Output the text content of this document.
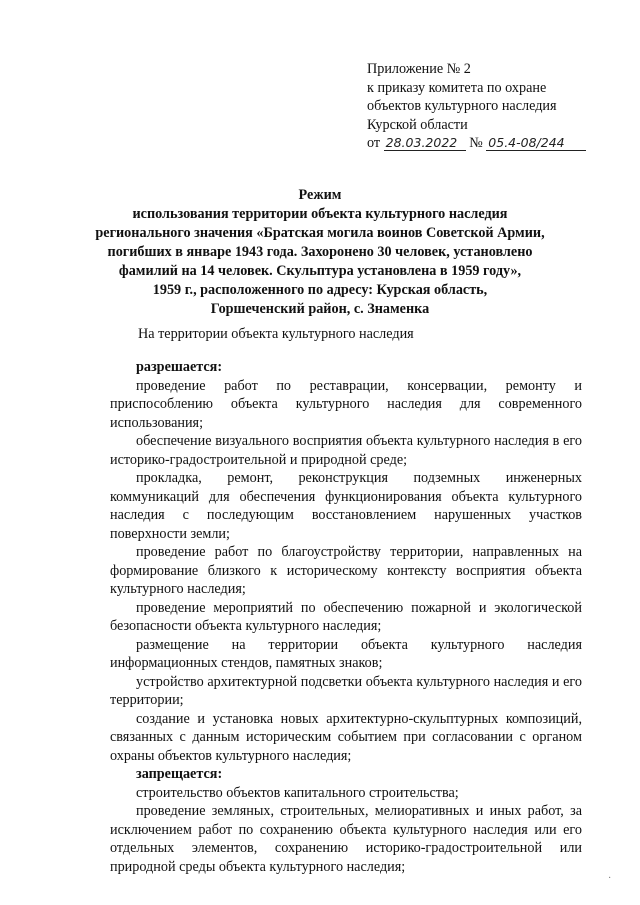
Приложение № 2
к приказу комитета по охране
объектов культурного наследия
Курской области
от 28.03.2022 № 05.4-08/244
Режим
использования территории объекта культурного наследия
регионального значения «Братская могила воинов Советской Армии,
погибших в январе 1943 года. Захоронено 30 человек, установлено
фамилий на 14 человек. Скульптура установлена в 1959 году»,
1959 г., расположенного по адресу: Курская область,
Горшеченский район, с. Знаменка
На территории объекта культурного наследия
разрешается:
проведение работ по реставрации, консервации, ремонту и приспособлению объекта культурного наследия для современного использования;
обеспечение визуального восприятия объекта культурного наследия в его историко-градостроительной и природной среде;
прокладка, ремонт, реконструкция подземных инженерных коммуникаций для обеспечения функционирования объекта культурного наследия с последующим восстановлением нарушенных участков поверхности земли;
проведение работ по благоустройству территории, направленных на формирование близкого к историческому контексту восприятия объекта культурного наследия;
проведение мероприятий по обеспечению пожарной и экологической безопасности объекта культурного наследия;
размещение на территории объекта культурного наследия информационных стендов, памятных знаков;
устройство архитектурной подсветки объекта культурного наследия и его территории;
создание и установка новых архитектурно-скульптурных композиций, связанных с данным историческим событием при согласовании с органом охраны объектов культурного наследия;
запрещается:
строительство объектов капитального строительства;
проведение земляных, строительных, мелиоративных и иных работ, за исключением работ по сохранению объекта культурного наследия или его отдельных элементов, сохранению историко-градостроительной или природной среды объекта культурного наследия;
·
